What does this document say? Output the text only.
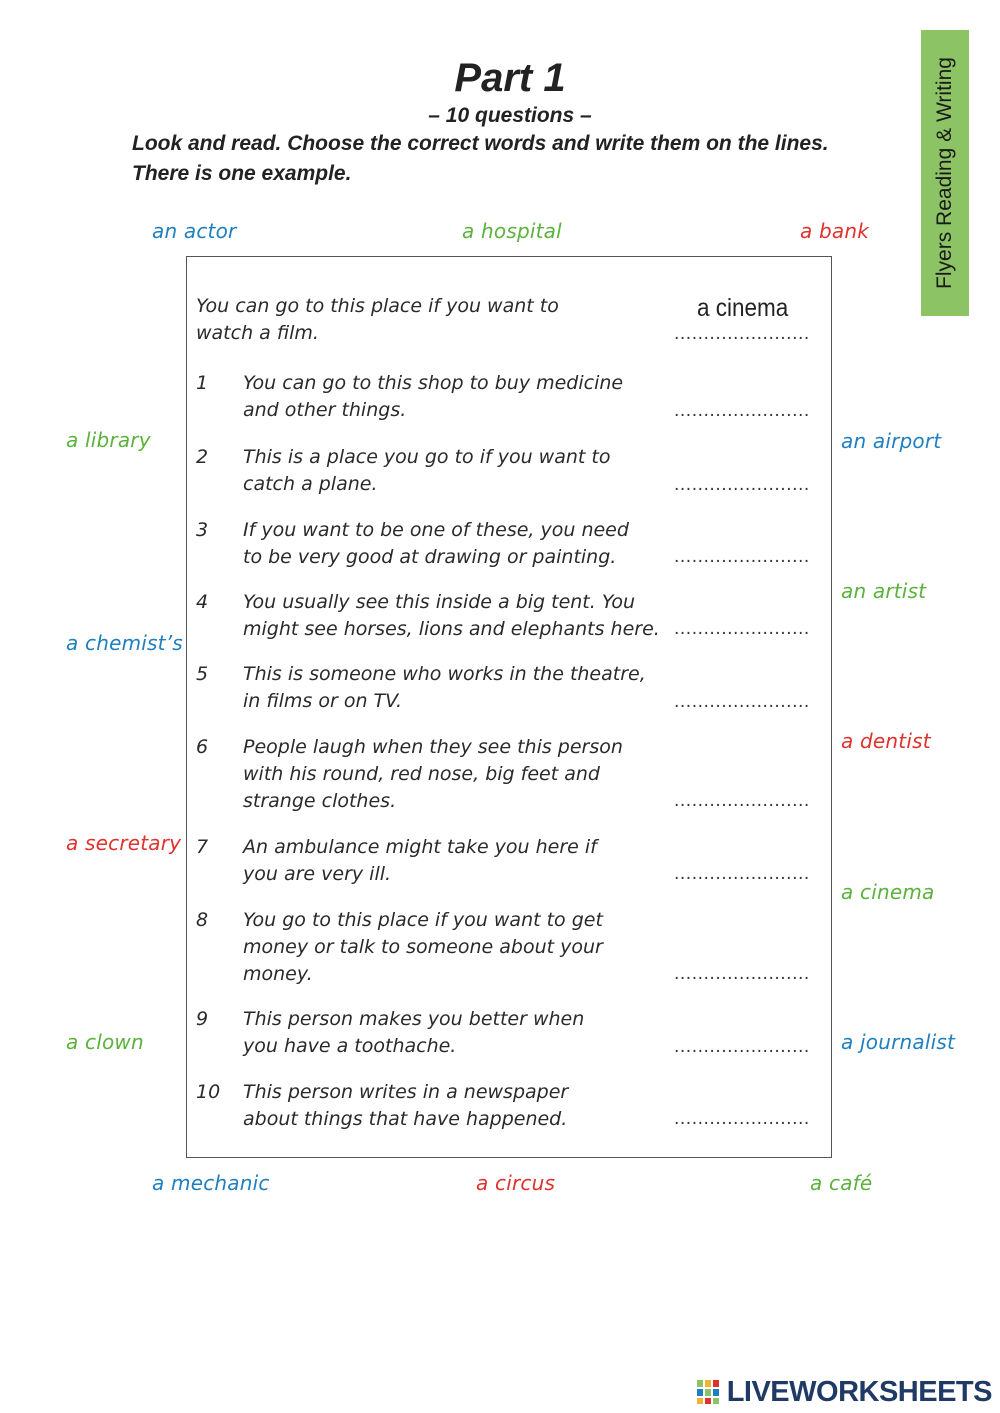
Part 1
– 10 questions –
Look and read. Choose the correct words and write them on the lines.
There is one example.	Flyers Reading & Writing
an actor	a hospital	a bank
a library
a chemist’s
a secretary
a clown
an airport
an artist
a dentist
a cinema
a journalist
a mechanic	a circus	a café
You can go to this place if you want to
watch a film.
a cinema
.......................
1 You can go to this shop to buy medicine
and other things.	.......................
2 This is a place you go to if you want to
catch a plane.	.......................
3 If you want to be one of these, you need
to be very good at drawing or painting.	.......................
4 You usually see this inside a big tent. You
might see horses, lions and elephants here. .......................
5 This is someone who works in the theatre,
in films or on TV.	.......................
6 People laugh when they see this person
with his round, red nose, big feet and
strange clothes.	.......................
7 An ambulance might take you here if
you are very ill.	.......................
8 You go to this place if you want to get
money or talk to someone about your
money.	.......................
9 This person makes you better when
you have a toothache.	.......................
10 This person writes in a newspaper
about things that have happened.	.......................
LIVEWORKSHEETS
